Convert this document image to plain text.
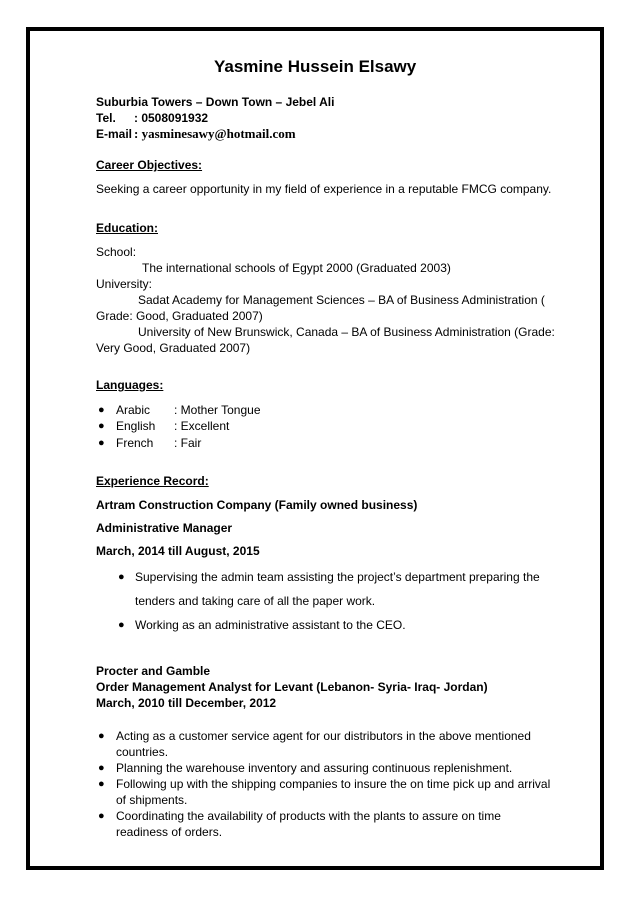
Yasmine Hussein Elsawy
Suburbia Towers – Down Town – Jebel Ali
Tel. : 0508091932
E-mail : yasminesawy@hotmail.com
Career Objectives:
Seeking a career opportunity in my field of experience in a reputable FMCG company.
Education:
School:
The international schools of Egypt 2000 (Graduated 2003)
University:
Sadat Academy for Management Sciences – BA of Business Administration (
Grade: Good, Graduated 2007)
University of New Brunswick, Canada – BA of Business Administration (Grade:
Very Good, Graduated 2007)
Languages:
● Arabic : Mother Tongue
● English : Excellent
● French : Fair
Experience Record:
Artram Construction Company (Family owned business)
Administrative Manager
March, 2014 till August, 2015
● Supervising the admin team assisting the project’s department preparing the
tenders and taking care of all the paper work.
● Working as an administrative assistant to the CEO.
Procter and Gamble
Order Management Analyst for Levant (Lebanon- Syria- Iraq- Jordan)
March, 2010 till December, 2012
● Acting as a customer service agent for our distributors in the above mentioned
countries.
● Planning the warehouse inventory and assuring continuous replenishment.
● Following up with the shipping companies to insure the on time pick up and arrival
of shipments.
● Coordinating the availability of products with the plants to assure on time
readiness of orders.
